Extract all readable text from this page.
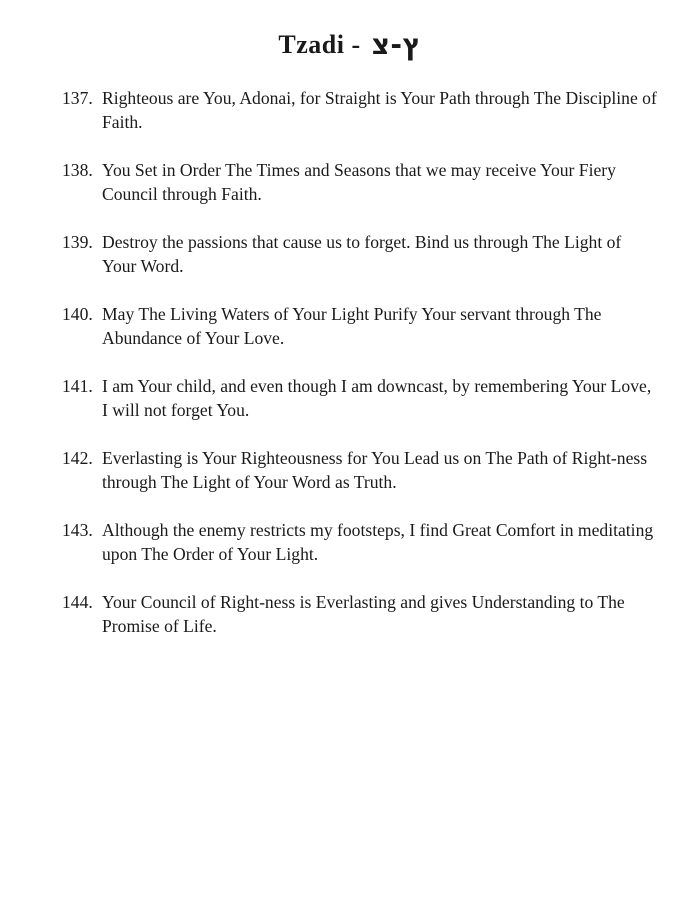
Tzadi - ץ-צ
137. Righteous are You, Adonai, for Straight is Your Path through The Discipline of Faith.
138. You Set in Order The Times and Seasons that we may receive Your Fiery Council through Faith.
139. Destroy the passions that cause us to forget. Bind us through The Light of Your Word.
140. May The Living Waters of Your Light Purify Your servant through The Abundance of Your Love.
141. I am Your child, and even though I am downcast, by remembering Your Love, I will not forget You.
142. Everlasting is Your Righteousness for You Lead us on The Path of Right-ness through The Light of Your Word as Truth.
143. Although the enemy restricts my footsteps, I find Great Comfort in meditating upon The Order of Your Light.
144. Your Council of Right-ness is Everlasting and gives Understanding to The Promise of Life.
